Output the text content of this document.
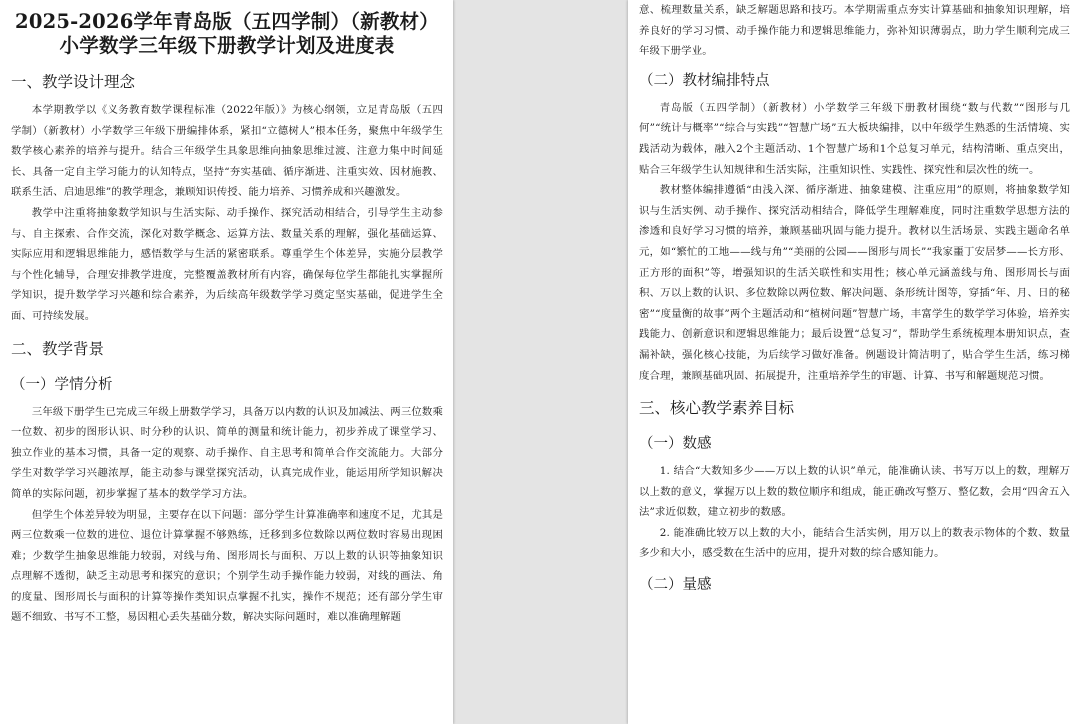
2025-2026学年青岛版（五四学制）（新教材）小学数学三年级下册教学计划及进度表
一、教学设计理念

本学期教学以《义务教育数学课程标准（2022年版）》为核心纲领，立足青岛版（五四学制）（新教材）小学数学三年级下册编排体系，紧扣“立德树人”根本任务，聚焦中年级学生数学核心素养的培养与提升。结合三年级学生具象思维向抽象思维过渡、注意力集中时间延长、具备一定自主学习能力的认知特点，坚持“夯实基础、循序渐进、注重实效、因材施教、联系生活、启迪思维”的教学理念，兼顾知识传授、能力培养、习惯养成和兴趣激发。

教学中注重将抽象数学知识与生活实际、动手操作、探究活动相结合，引导学生主动参与、自主探索、合作交流，深化对数学概念、运算方法、数量关系的理解，强化基础运算、实际应用和逻辑思维能力，感悟数学与生活的紧密联系。尊重学生个体差异，实施分层教学与个性化辅导，合理安排教学进度，完整覆盖教材所有内容，确保每位学生都能扎实掌握所学知识，提升数学学习兴趣和综合素养，为后续高年级数学学习奠定坚实基础，促进学生全面、可持续发展。

二、教学背景
（一）学情分析

三年级下册学生已完成三年级上册数学学习，具备万以内数的认识及加减法、两三位数乘一位数、初步的图形认识、时分秒的认识、简单的测量和统计能力，初步养成了课堂学习、独立作业的基本习惯，具备一定的观察、动手操作、自主思考和简单合作交流能力。大部分学生对数学学习兴趣浓厚，能主动参与课堂探究活动，认真完成作业，能运用所学知识解决简单的实际问题，初步掌握了基本的数学学习方法。

但学生个体差异较为明显，主要存在以下问题：部分学生计算准确率和速度不足，尤其是两三位数乘一位数的进位、退位计算掌握不够熟练，迁移到多位数除以两位数时容易出现困难；少数学生抽象思维能力较弱，对线与角、图形周长与面积、万以上数的认识等抽象知识点理解不透彻，缺乏主动思考和探究的意识；个别学生动手操作能力较弱，对线的画法、角的度量、图形周长与面积的计算等操作类知识点掌握不扎实，操作不规范；还有部分学生审题不细致、书写不工整，易因粗心丢失基础分数，解决实际问题时，难以准确理解题

意、梳理数量关系，缺乏解题思路和技巧。本学期需重点夯实计算基础和抽象知识理解，培养良好的学习习惯、动手操作能力和逻辑思维能力，弥补知识薄弱点，助力学生顺利完成三年级下册学业。

（二）教材编排特点

青岛版（五四学制）（新教材）小学数学三年级下册教材围绕“数与代数”“图形与几何”“统计与概率”“综合与实践”“智慧广场”五大板块编排，以中年级学生熟悉的生活情境、实践活动为载体，融入2个主题活动、1个智慧广场和1个总复习单元，结构清晰、重点突出，贴合三年级学生认知规律和生活实际，注重知识性、实践性、探究性和层次性的统一。

教材整体编排遵循“由浅入深、循序渐进、抽象建模、注重应用”的原则，将抽象数学知识与生活实例、动手操作、探究活动相结合，降低学生理解难度，同时注重数学思想方法的渗透和良好学习习惯的培养，兼顾基础巩固与能力提升。教材以生活场景、实践主题命名单元，如“繁忙的工地——线与角”“美丽的公园——图形与周长”“我家噩丁安居梦——长方形、正方形的面积”等，增强知识的生活关联性和实用性；核心单元涵盖线与角、图形周长与面积、万以上数的认识、多位数除以两位数、解决问题、条形统计图等，穿插“年、月、日的秘密”“度量衡的故事”两个主题活动和“植树问题”智慧广场，丰富学生的数学学习体验，培养实践能力、创新意识和逻辑思维能力；最后设置“总复习”，帮助学生系统梳理本册知识点，查漏补缺，强化核心技能，为后续学习做好准备。例题设计简洁明了，贴合学生生活，练习梯度合理，兼顾基础巩固、拓展提升，注重培养学生的审题、计算、书写和解题规范习惯。

三、核心教学素养目标
（一）数感

1. 结合“大数知多少——万以上数的认识”单元，能准确认读、书写万以上的数，理解万以上数的意义，掌握万以上数的数位顺序和组成，能正确改写整万、整亿数，会用“四舍五入法”求近似数，建立初步的数感。

2. 能准确比较万以上数的大小，能结合生活实例，用万以上的数表示物体的个数、数量多少和大小，感受数在生活中的应用，提升对数的综合感知能力。

（二）量感
